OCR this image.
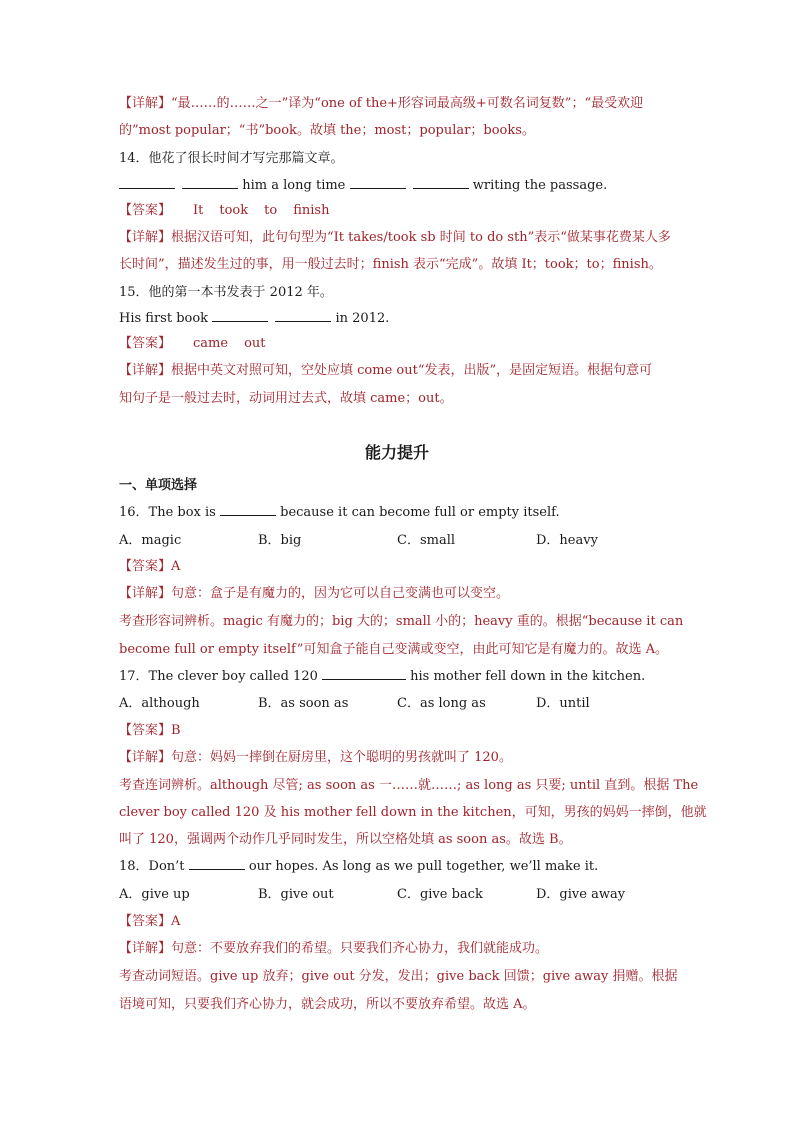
【详解】“最……的……之一”译为“one of the+形容词最高级+可数名词复数”；“最受欢迎
的”most popular；“书”book。故填 the；most；popular；books。
14．他花了很长时间才写完那篇文章。
him a long time	writing the passage.
【答案】 It took to finish
【详解】根据汉语可知，此句句型为“It takes/took sb 时间 to do sth”表示“做某事花费某人多
长时间”，描述发生过的事，用一般过去时；finish 表示“完成”。故填 It；took；to；finish。
15．他的第一本书发表于 2012 年。
His first book	in 2012.
【答案】 came out
【详解】根据中英文对照可知，空处应填 come out“发表，出版”，是固定短语。根据句意可
知句子是一般过去时，动词用过去式，故填 came；out。
能力提升
一、单项选择
16．The box is	because it can become full or empty itself.
A．magic	B．big	C．small	D．heavy
【答案】A
【详解】句意：盒子是有魔力的，因为它可以自己变满也可以变空。
考查形容词辨析。magic 有魔力的；big 大的；small 小的；heavy 重的。根据“because it can
become full or empty itself”可知盒子能自己变满或变空，由此可知它是有魔力的。故选 A。
17．The clever boy called 120	his mother fell down in the kitchen.
A．although	B．as soon as	C．as long as	D．until
【答案】B
【详解】句意：妈妈一摔倒在厨房里，这个聪明的男孩就叫了 120。
考查连词辨析。although 尽管; as soon as 一……就……; as long as 只要; until 直到。根据 The
clever boy called 120 及 his mother fell down in the kitchen，可知，男孩的妈妈一摔倒，他就
叫了 120，强调两个动作几乎同时发生，所以空格处填 as soon as。故选 B。
18．Don’t	our hopes. As long as we pull together, we’ll make it.
A．give up	B．give out	C．give back	D．give away
【答案】A
【详解】句意：不要放弃我们的希望。只要我们齐心协力，我们就能成功。
考查动词短语。give up 放弃；give out 分发，发出；give back 回馈；give away 捐赠。根据
语境可知，只要我们齐心协力，就会成功，所以不要放弃希望。故选 A。
